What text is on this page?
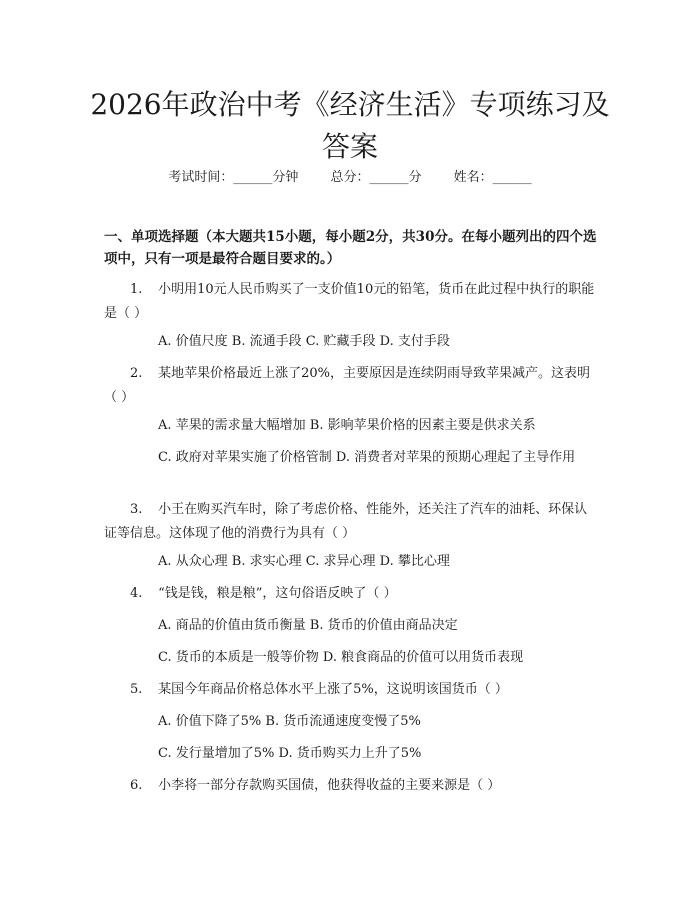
2026年政治中考《经济生活》专项练习及答案
考试时间：______分钟 总分：______分 姓名：______
一、单项选择题（本大题共15小题，每小题2分，共30分。在每小题列出的四个选项中，只有一项是最符合题目要求的。）
1. 小明用10元人民币购买了一支价值10元的铅笔，货币在此过程中执行的职能是（ ）
A. 价值尺度 B. 流通手段 C. 贮藏手段 D. 支付手段
2. 某地苹果价格最近上涨了20%，主要原因是连续阴雨导致苹果减产。这表明（ ）
A. 苹果的需求量大幅增加 B. 影响苹果价格的因素主要是供求关系
C. 政府对苹果实施了价格管制 D. 消费者对苹果的预期心理起了主导作用
3. 小王在购买汽车时，除了考虑价格、性能外，还关注了汽车的油耗、环保认证等信息。这体现了他的消费行为具有（ ）
A. 从众心理 B. 求实心理 C. 求异心理 D. 攀比心理
4. “钱是钱，粮是粮”，这句俗语反映了（ ）
A. 商品的价值由货币衡量 B. 货币的价值由商品决定
C. 货币的本质是一般等价物 D. 粮食商品的价值可以用货币表现
5. 某国今年商品价格总体水平上涨了5%，这说明该国货币（ ）
A. 价值下降了5% B. 货币流通速度变慢了5%
C. 发行量增加了5% D. 货币购买力上升了5%
6. 小李将一部分存款购买国债，他获得收益的主要来源是（ ）
